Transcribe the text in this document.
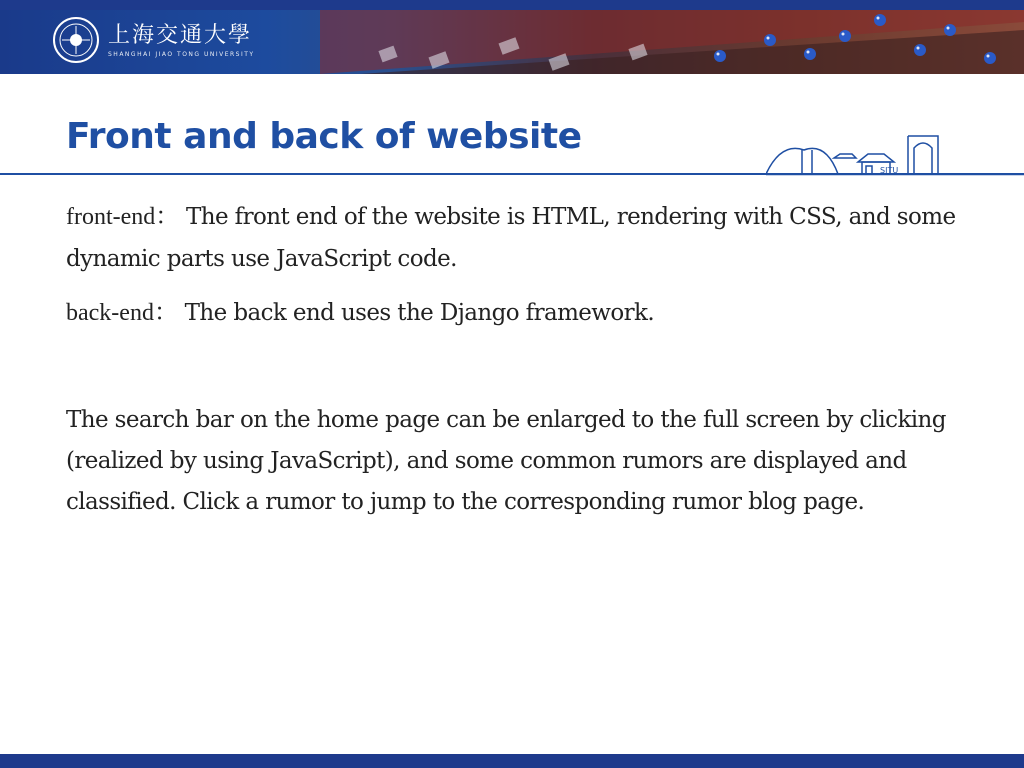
上海交通大學
SHANGHAI JIAO TONG UNIVERSITY
Front and back of website
SJTU

front-end： The front end of the website is HTML, rendering with CSS, and some dynamic parts use JavaScript code.

back-end： The back end uses the Django framework.

The search bar on the home page can be enlarged to the full screen by clicking (realized by using JavaScript), and some common rumors are displayed and classified. Click a rumor to jump to the corresponding rumor blog page.
